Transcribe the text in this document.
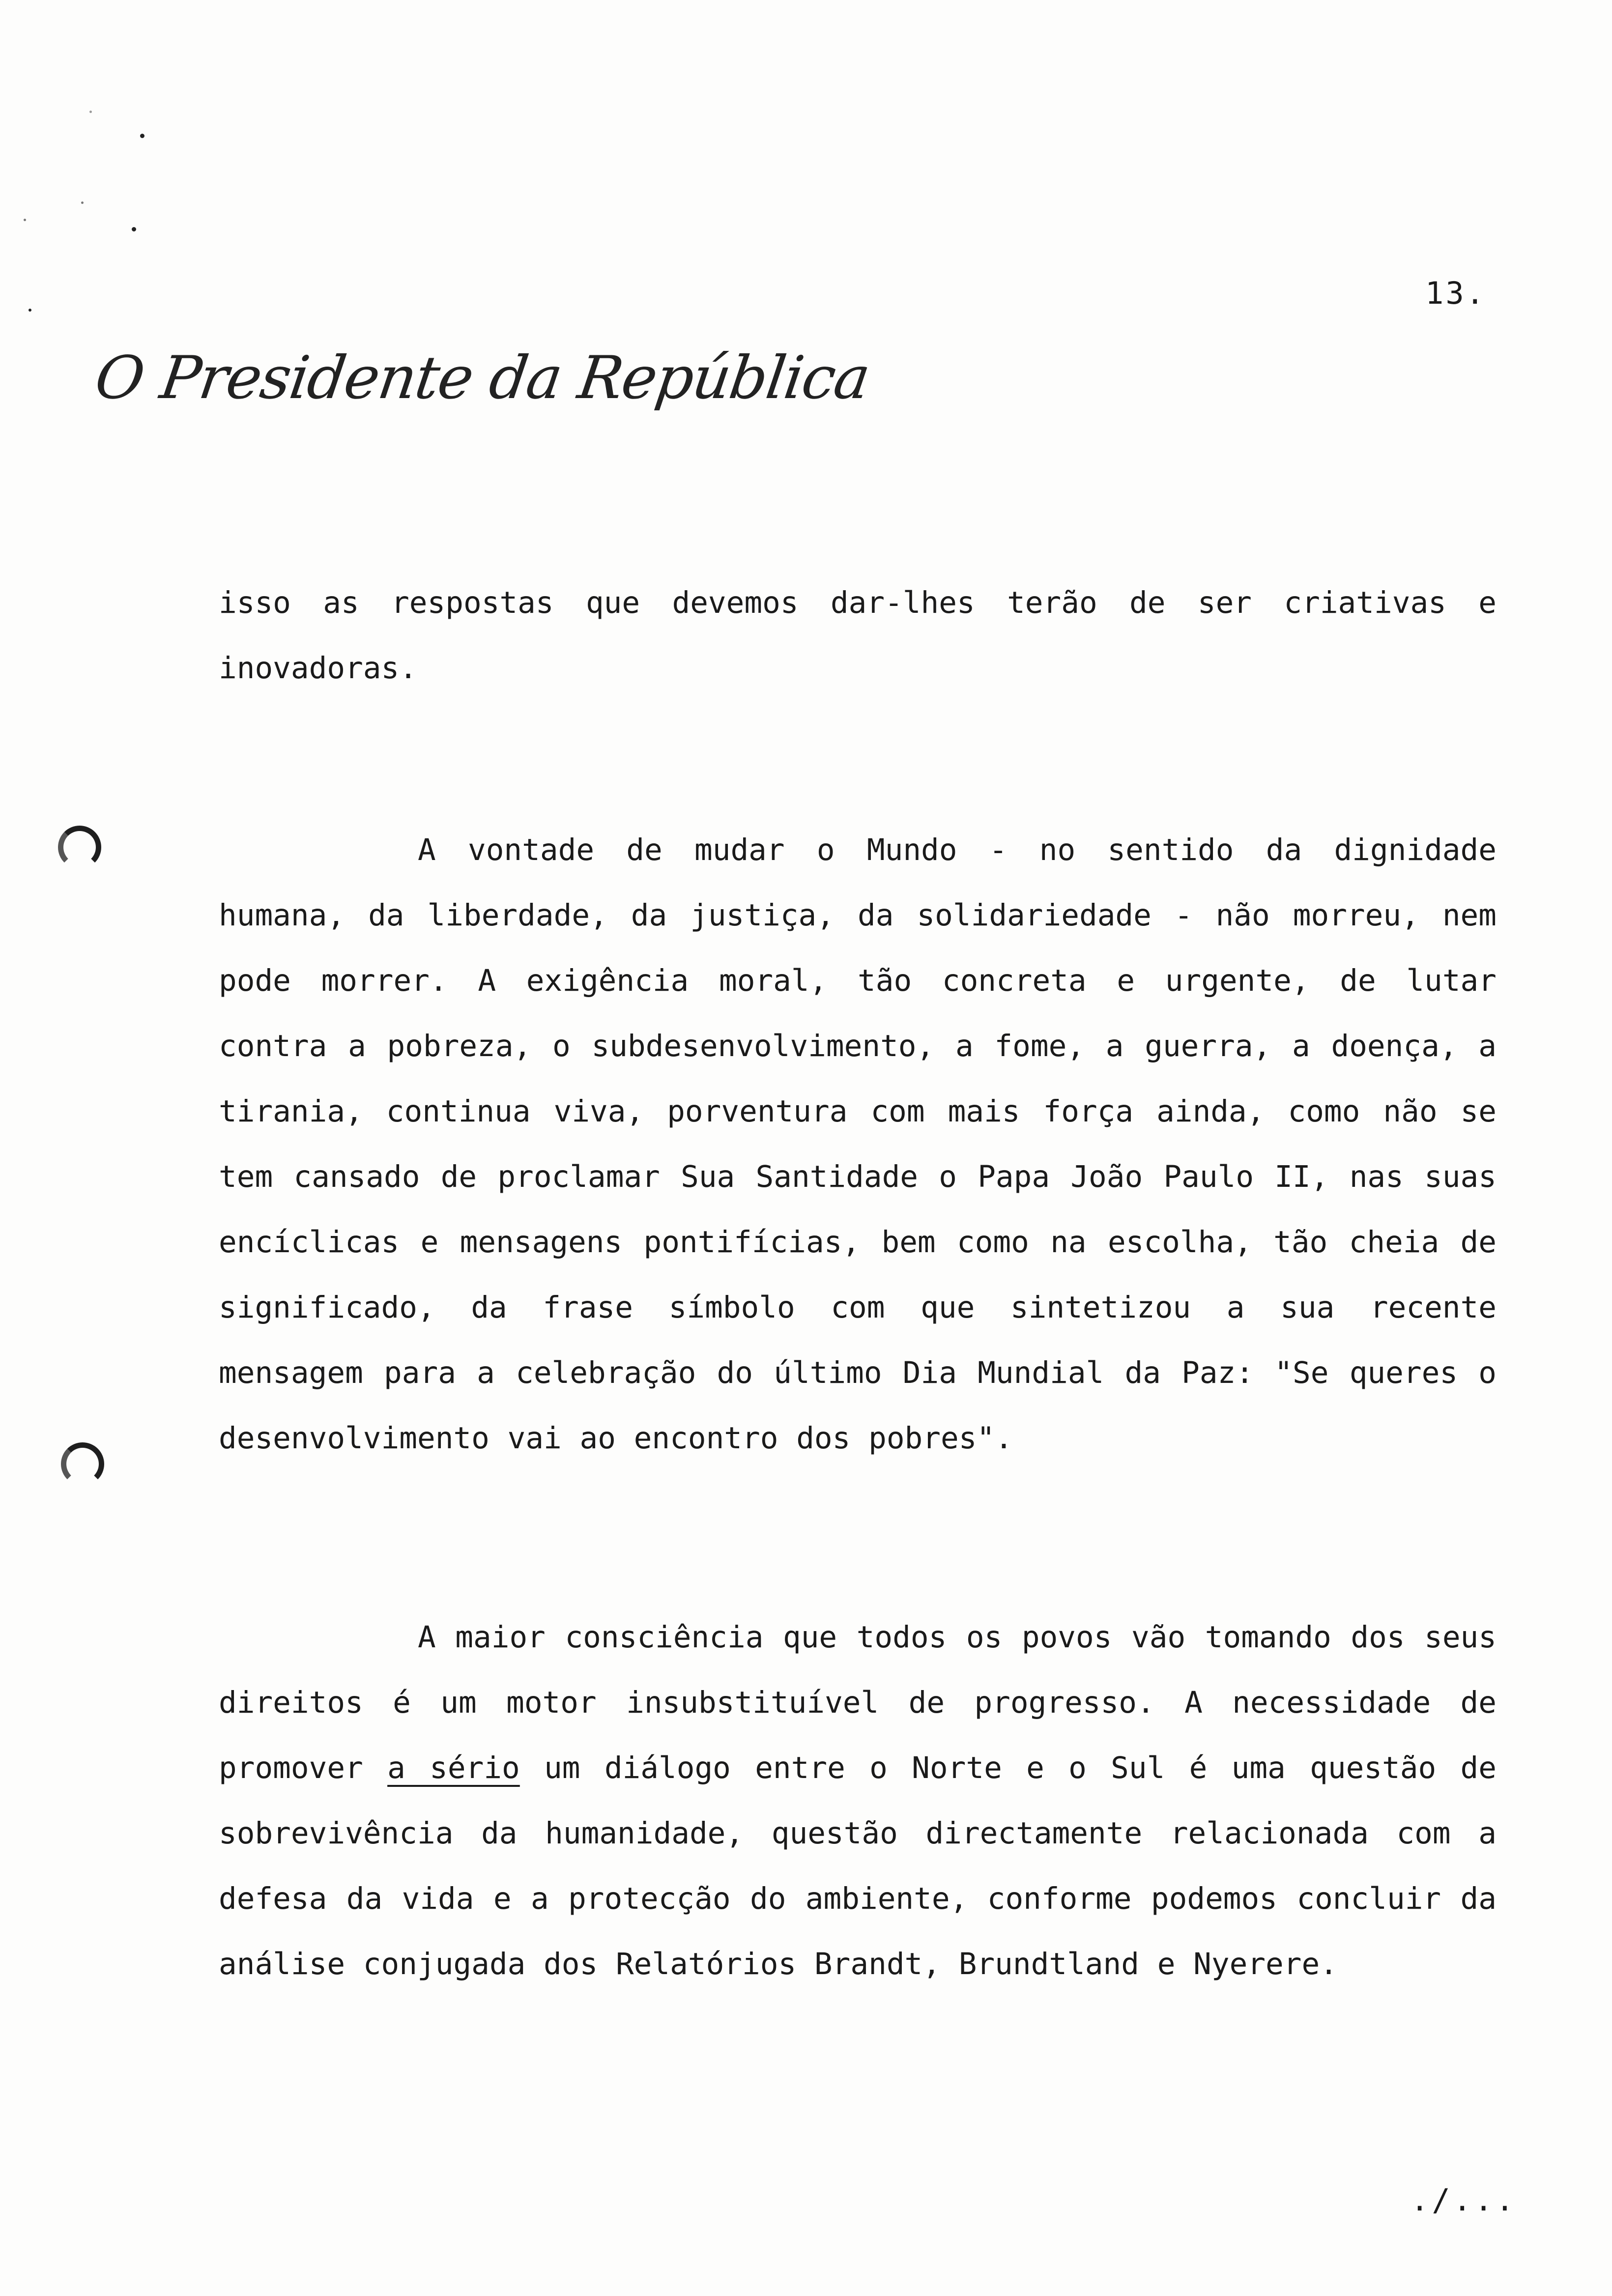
13.
O Presidente da República

isso as respostas que devemos dar-lhes terão de ser criativas e inovadoras.

A vontade de mudar o Mundo - no sentido da dignidade humana, da liberdade, da justiça, da solidariedade - não morreu, nem pode morrer. A exigência moral, tão concreta e urgente, de lutar contra a pobreza, o subdesenvolvimento, a fome, a guerra, a doença, a tirania, continua viva, porventura com mais força ainda, como não se tem cansado de proclamar Sua Santidade o Papa João Paulo II, nas suas encíclicas e mensagens pontifícias, bem como na escolha, tão cheia de significado, da frase símbolo com que sintetizou a sua recente mensagem para a celebração do último Dia Mundial da Paz: "Se queres o desenvolvimento vai ao encontro dos pobres".

A maior consciência que todos os povos vão tomando dos seus direitos é um motor insubstituível de progresso. A necessidade de promover a sério um diálogo entre o Norte e o Sul é uma questão de sobrevivência da humanidade, questão directamente relacionada com a defesa da vida e a protecção do ambiente, conforme podemos concluir da análise conjugada dos Relatórios Brandt, Brundtland e Nyerere.

./...
